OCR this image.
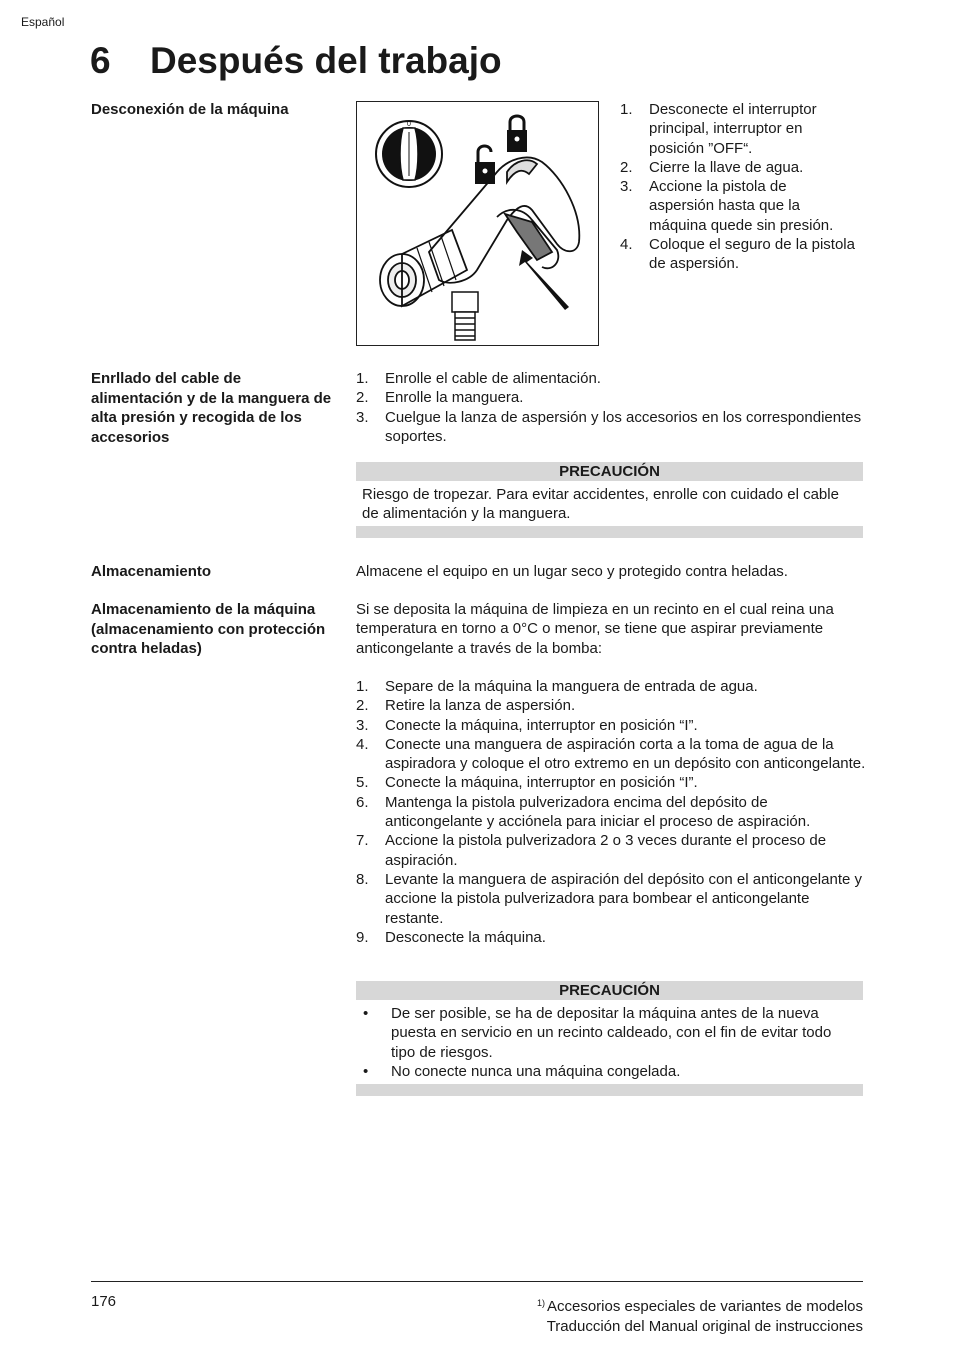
Español
6 Después del trabajo
Desconexión de la máquina
0
1. Desconecte el interruptor principal, interruptor en posición ”OFF“.
2. Cierre la llave de agua.
3. Accione la pistola de aspersión hasta que la máquina quede sin presión.
4. Coloque el seguro de la pistola de aspersión.
Enrllado del cable de alimentación y de la manguera de alta presión y recogida de los accesorios
1. Enrolle el cable de alimentación.
2. Enrolle la manguera.
3. Cuelgue la lanza de aspersión y los accesorios en los correspondientes soportes.
PRECAUCIÓN
Riesgo de tropezar. Para evitar accidentes, enrolle con cuidado el cable de alimentación y la manguera.
Almacenamiento	Almacene el equipo en un lugar seco y protegido contra heladas.
Almacenamiento de la máquina (almacenamiento con protección contra heladas)
Si se deposita la máquina de limpieza en un recinto en el cual reina una temperatura en torno a 0°C o menor, se tiene que aspirar previamente anticongelante a través de la bomba:
1. Separe de la máquina la manguera de entrada de agua.
2. Retire la lanza de aspersión.
3. Conecte la máquina, interruptor en posición “I”.
4. Conecte una manguera de aspiración corta a la toma de agua de la aspiradora y coloque el otro extremo en un depósito con anticongelante.
5. Conecte la máquina, interruptor en posición “I”.
6. Mantenga la pistola pulverizadora encima del depósito de anticongelante y acciónela para iniciar el proceso de aspiración.
7. Accione la pistola pulverizadora 2 o 3 veces durante el proceso de aspiración.
8. Levante la manguera de aspiración del depósito con el anticongelante y accione la pistola pulverizadora para bombear el anticongelante restante.
9. Desconecte la máquina.
PRECAUCIÓN
• De ser posible, se ha de depositar la máquina antes de la nueva puesta en servicio en un recinto caldeado, con el fin de evitar todo tipo de riesgos.
• No conecte nunca una máquina congelada.
176	$^{1)}$ Accesorios especiales de variantes de modelos
Traducción del Manual original de instrucciones
